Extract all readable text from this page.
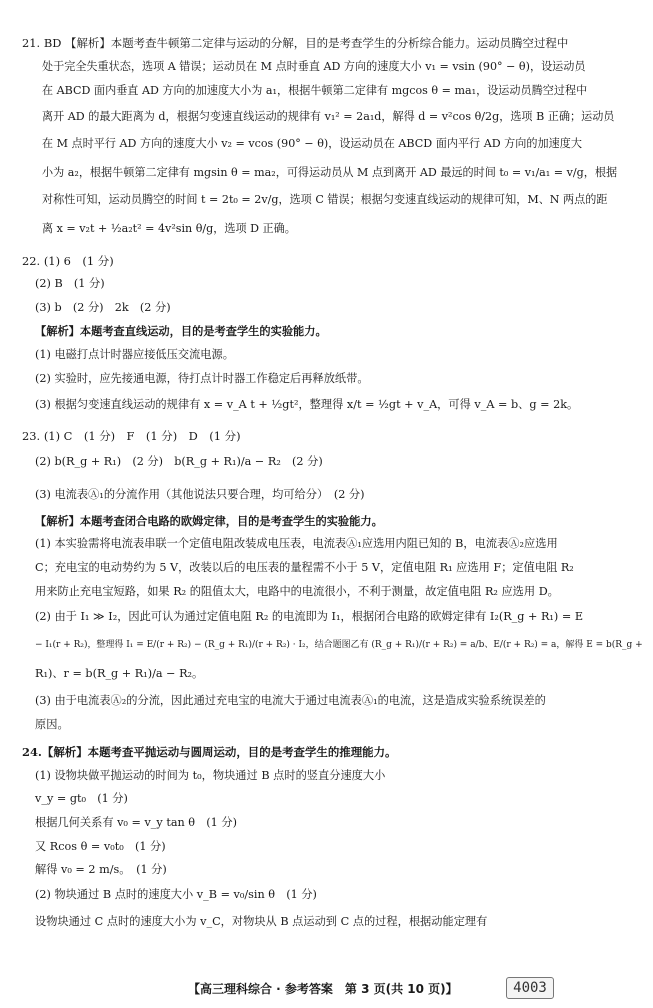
21. BD 【解析】本题考查牛顿第二定律与运动的分解，目的是考查学生的分析综合能力。运动员腾空过程中
处于完全失重状态，选项 A 错误；运动员在 M 点时垂直 AD 方向的速度大小 v₁ = vsin (90° − θ)，设运动员
在 ABCD 面内垂直 AD 方向的加速度大小为 a₁，根据牛顿第二定律有 mgcos θ = ma₁，设运动员腾空过程中
离开 AD 的最大距离为 d，根据匀变速直线运动的规律有 v₁² = 2a₁d，解得 d = v²cos θ/2g，选项 B 正确；运动员
在 M 点时平行 AD 方向的速度大小 v₂ = vcos (90° − θ)，设运动员在 ABCD 面内平行 AD 方向的加速度大
小为 a₂，根据牛顿第二定律有 mgsin θ = ma₂，可得运动员从 M 点到离开 AD 最远的时间 t₀ = v₁/a₁ = v/g，根据
对称性可知，运动员腾空的时间 t = 2t₀ = 2v/g，选项 C 错误；根据匀变速直线运动的规律可知，M、N 两点的距
离 x = v₂t + ½a₂t² = 4v²sin θ/g，选项 D 正确。
22. (1) 6　(1 分)
(2) B　(1 分)
(3) b　(2 分)　2k　(2 分)
【解析】本题考查直线运动，目的是考查学生的实验能力。
(1) 电磁打点计时器应接低压交流电源。
(2) 实验时，应先接通电源，待打点计时器工作稳定后再释放纸带。
(3) 根据匀变速直线运动的规律有 x = v_A t + ½gt²，整理得 x/t = ½gt + v_A，可得 v_A = b、g = 2k。
23. (1) C　(1 分)　F　(1 分)　D　(1 分)
(2) b(R_g + R₁)　(2 分)　b(R_g + R₁)/a − R₂　(2 分)
(3) 电流表Ⓐ₁的分流作用（其他说法只要合理，均可给分）　(2 分)
【解析】本题考查闭合电路的欧姆定律，目的是考查学生的实验能力。
(1) 本实验需将电流表串联一个定值电阻改装成电压表，电流表Ⓐ₁应选用内阻已知的 B，电流表Ⓐ₂应选用
C；充电宝的电动势约为 5 V，改装以后的电压表的量程需不小于 5 V，定值电阻 R₁ 应选用 F；定值电阻 R₂
用来防止充电宝短路，如果 R₂ 的阻值太大，电路中的电流很小，不利于测量，故定值电阻 R₂ 应选用 D。
(2) 由于 I₁ ≫ I₂，因此可认为通过定值电阻 R₂ 的电流即为 I₁，根据闭合电路的欧姆定律有 I₂(R_g + R₁) = E
− I₁(r + R₂)，整理得 I₁ = E/(r + R₂) − (R_g + R₁)/(r + R₂) · I₂，结合题图乙有 (R_g + R₁)/(r + R₂) = a/b、E/(r + R₂) = a，解得 E = b(R_g +
R₁)、r = b(R_g + R₁)/a − R₂。
(3) 由于电流表Ⓐ₂的分流，因此通过充电宝的电流大于通过电流表Ⓐ₁的电流，这是造成实验系统误差的
原因。
24.【解析】本题考查平抛运动与圆周运动，目的是考查学生的推理能力。
(1) 设物块做平抛运动的时间为 t₀，物块通过 B 点时的竖直分速度大小
v_y = gt₀　(1 分)
根据几何关系有 v₀ = v_y tan θ　(1 分)
又 Rcos θ = v₀t₀　(1 分)
解得 v₀ = 2 m/s。　(1 分)
(2) 物块通过 B 点时的速度大小 v_B = v₀/sin θ　(1 分)
设物块通过 C 点时的速度大小为 v_C，对物块从 B 点运动到 C 点的过程，根据动能定理有
【高三理科综合 · 参考答案　第 3 页(共 10 页)】	4003
